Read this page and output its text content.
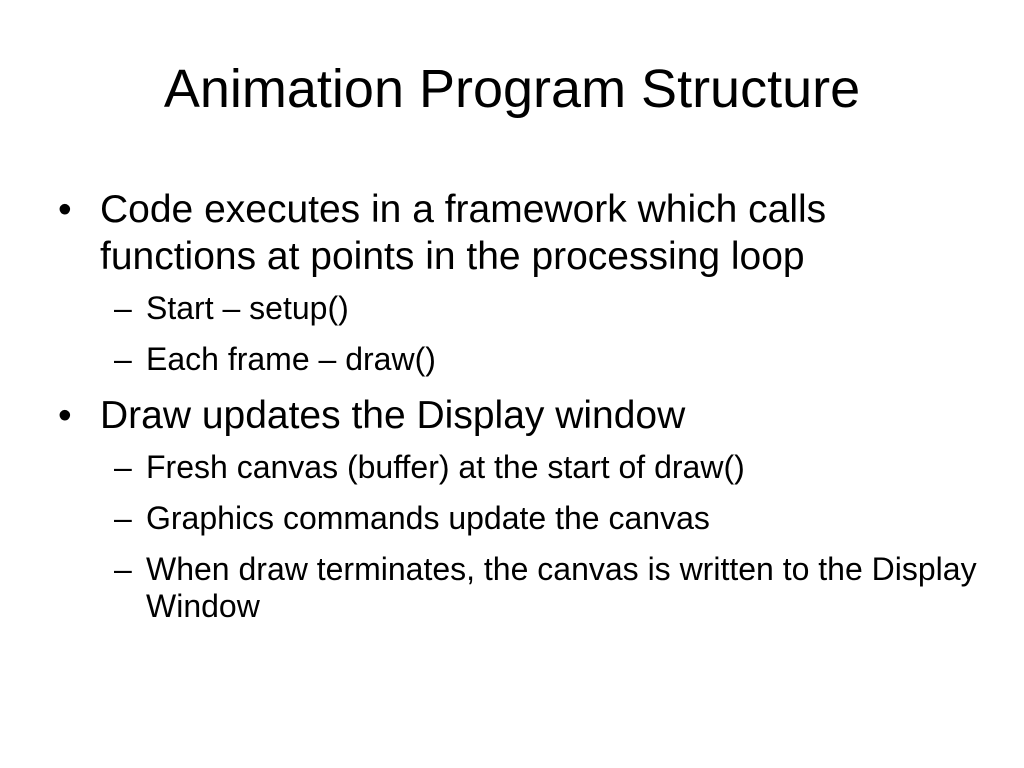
Animation Program Structure
• Code executes in a framework which calls functions at points in the processing loop
– Start – setup()
– Each frame – draw()
• Draw updates the Display window
– Fresh canvas (buffer) at the start of draw()
– Graphics commands update the canvas
– When draw terminates, the canvas is written to the Display Window
